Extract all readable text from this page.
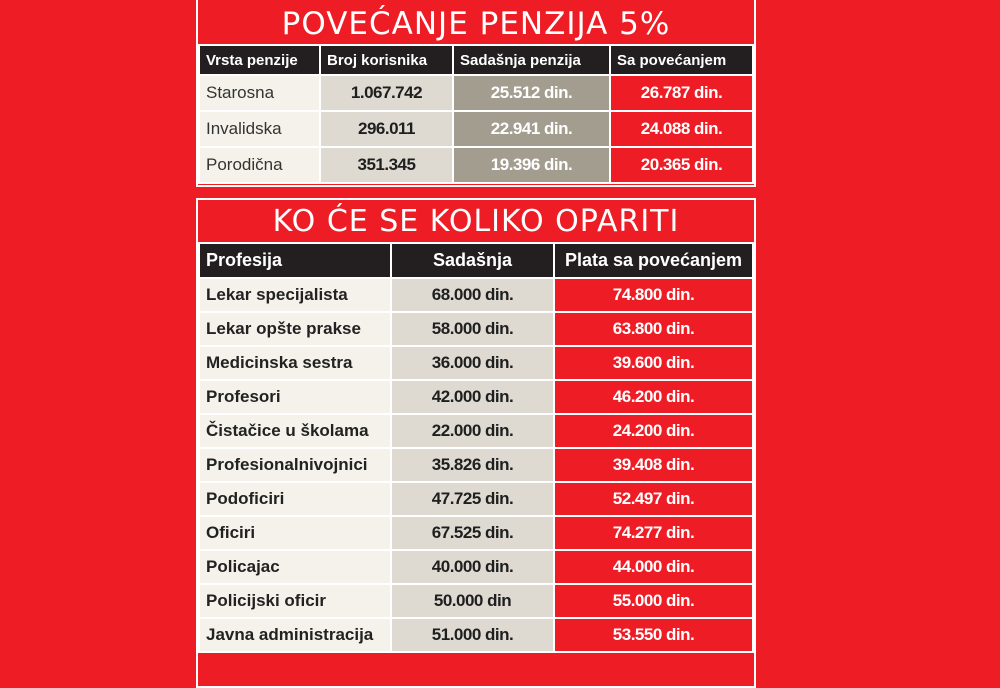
POVEĆANJE PENZIJA 5%
Vrsta penzije	Broj korisnika	Sadašnja penzija	Sa povećanjem
Starosna	1.067.742	25.512 din.	26.787 din.
Invalidska	296.011	22.941 din.	24.088 din.
Porodična	351.345	19.396 din.	20.365 din.
KO ĆE SE KOLIKO OPARITI
Profesija	Sadašnja	Plata sa povećanjem
Lekar specijalista	68.000 din.	74.800 din.
Lekar opšte prakse	58.000 din.	63.800 din.
Medicinska sestra	36.000 din.	39.600 din.
Profesori	42.000 din.	46.200 din.
Čistačice u školama	22.000 din.	24.200 din.
Profesionalnivojnici	35.826 din.	39.408 din.
Podoficiri	47.725 din.	52.497 din.
Oficiri	67.525 din.	74.277 din.
Policajac	40.000 din.	44.000 din.
Policijski oficir	50.000 din	55.000 din.
Javna administracija	51.000 din.	53.550 din.
